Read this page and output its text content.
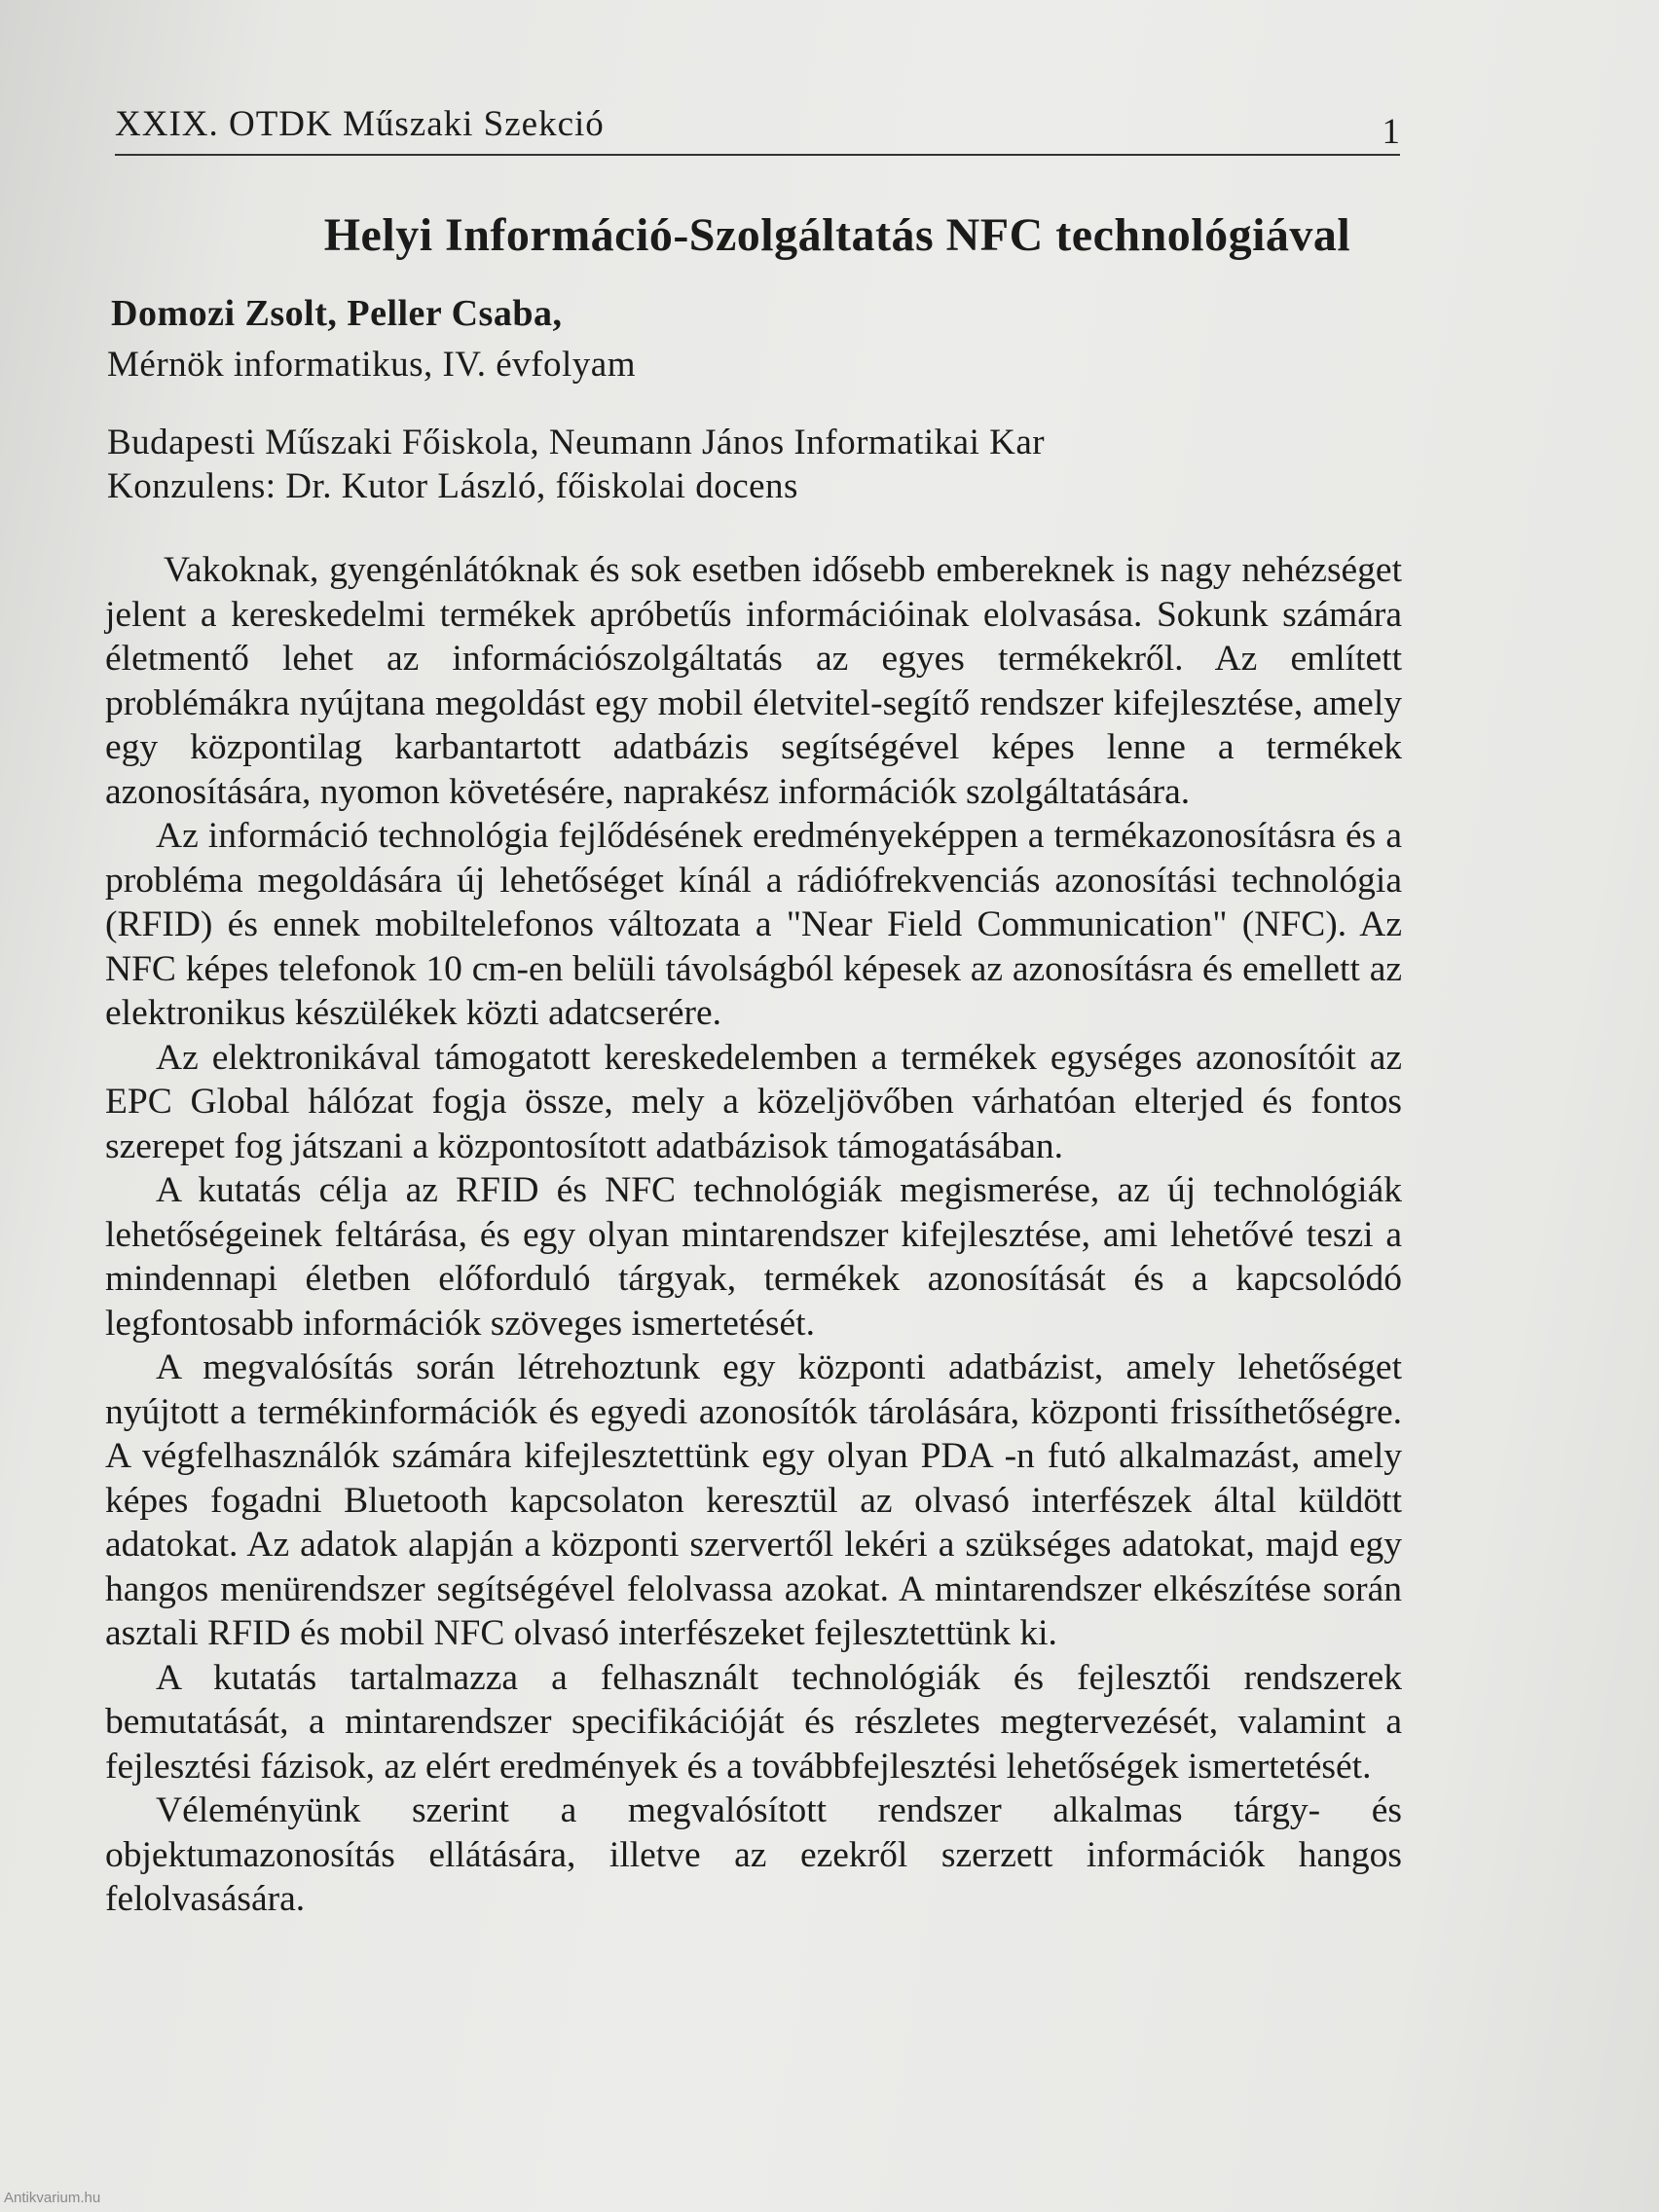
XXIX. OTDK Műszaki Szekció	1
Helyi Információ-Szolgáltatás NFC technológiával
Domozi Zsolt, Peller Csaba,
Mérnök informatikus, IV. évfolyam
Budapesti Műszaki Főiskola, Neumann János Informatikai Kar
Konzulens: Dr. Kutor László, főiskolai docens

Vakoknak, gyengénlátóknak és sok esetben idősebb embereknek is nagy nehézséget jelent a kereskedelmi termékek apróbetűs információinak elolvasása. Sokunk számára életmentő lehet az információszolgáltatás az egyes termékekről. Az említett problémákra nyújtana megoldást egy mobil életvitel-segítő rendszer kifejlesztése, amely egy központilag karbantartott adatbázis segítségével képes lenne a termékek azonosítására, nyomon követésére, naprakész információk szolgáltatására.

Az információ technológia fejlődésének eredményeképpen a termékazonosításra és a probléma megoldására új lehetőséget kínál a rádiófrekvenciás azonosítási technológia (RFID) és ennek mobiltelefonos változata a "Near Field Communication" (NFC). Az NFC képes telefonok 10 cm-en belüli távolságból képesek az azonosításra és emellett az elektronikus készülékek közti adatcserére.

Az elektronikával támogatott kereskedelemben a termékek egységes azonosítóit az EPC Global hálózat fogja össze, mely a közeljövőben várhatóan elterjed és fontos szerepet fog játszani a központosított adatbázisok támogatásában.

A kutatás célja az RFID és NFC technológiák megismerése, az új technológiák lehetőségeinek feltárása, és egy olyan mintarendszer kifejlesztése, ami lehetővé teszi a mindennapi életben előforduló tárgyak, termékek azonosítását és a kapcsolódó legfontosabb információk szöveges ismertetését.

A megvalósítás során létrehoztunk egy központi adatbázist, amely lehetőséget nyújtott a termékinformációk és egyedi azonosítók tárolására, központi frissíthetőségre. A végfelhasználók számára kifejlesztettünk egy olyan PDA -n futó alkalmazást, amely képes fogadni Bluetooth kapcsolaton keresztül az olvasó interfészek által küldött adatokat. Az adatok alapján a központi szervertől lekéri a szükséges adatokat, majd egy hangos menürendszer segítségével felolvassa azokat. A mintarendszer elkészítése során asztali RFID és mobil NFC olvasó interfészeket fejlesztettünk ki.

A kutatás tartalmazza a felhasznált technológiák és fejlesztői rendszerek bemutatását, a mintarendszer specifikációját és részletes megtervezését, valamint a fejlesztési fázisok, az elért eredmények és a továbbfejlesztési lehetőségek ismertetését.

Véleményünk szerint a megvalósított rendszer alkalmas tárgy- és objektumazonosítás ellátására, illetve az ezekről szerzett információk hangos felolvasására.

Antikvarium.hu
